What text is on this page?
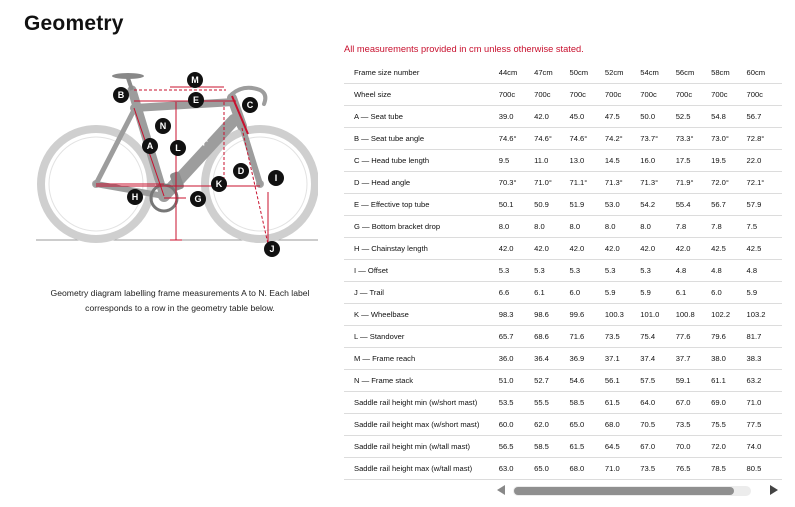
Geometry
TREK
M
B	E	C
N
A L
D
I
K
H	G
J

Geometry diagram labelling frame measurements A to N. Each label corresponds to a row in the geometry table below.

All measurements provided in cm unless otherwise stated.
Frame size number	44cm	47cm	50cm	52cm	54cm	56cm	58cm	60cm
Wheel size	700c	700c	700c	700c	700c	700c	700c	700c
A — Seat tube	39.0	42.0	45.0	47.5	50.0	52.5	54.8	56.7
B — Seat tube angle	74.6°	74.6°	74.6°	74.2°	73.7°	73.3°	73.0°	72.8°
C — Head tube length	9.5	11.0	13.0	14.5	16.0	17.5	19.5	22.0
D — Head angle	70.3°	71.0°	71.1°	71.3°	71.3°	71.9°	72.0°	72.1°
E — Effective top tube	50.1	50.9	51.9	53.0	54.2	55.4	56.7	57.9
G — Bottom bracket drop	8.0	8.0	8.0	8.0	8.0	7.8	7.8	7.5
H — Chainstay length	42.0	42.0	42.0	42.0	42.0	42.0	42.5	42.5
I — Offset	5.3	5.3	5.3	5.3	5.3	4.8	4.8	4.8
J — Trail	6.6	6.1	6.0	5.9	5.9	6.1	6.0	5.9
K — Wheelbase	98.3	98.6	99.6	100.3	101.0	100.8	102.2	103.2
L — Standover	65.7	68.6	71.6	73.5	75.4	77.6	79.6	81.7
M — Frame reach	36.0	36.4	36.9	37.1	37.4	37.7	38.0	38.3
N — Frame stack	51.0	52.7	54.6	56.1	57.5	59.1	61.1	63.2
Saddle rail height min (w/short mast)	53.5	55.5	58.5	61.5	64.0	67.0	69.0	71.0
Saddle rail height max (w/short mast)	60.0	62.0	65.0	68.0	70.5	73.5	75.5	77.5
Saddle rail height min (w/tall mast)	56.5	58.5	61.5	64.5	67.0	70.0	72.0	74.0
Saddle rail height max (w/tall mast)	63.0	65.0	68.0	71.0	73.5	76.5	78.5	80.5
